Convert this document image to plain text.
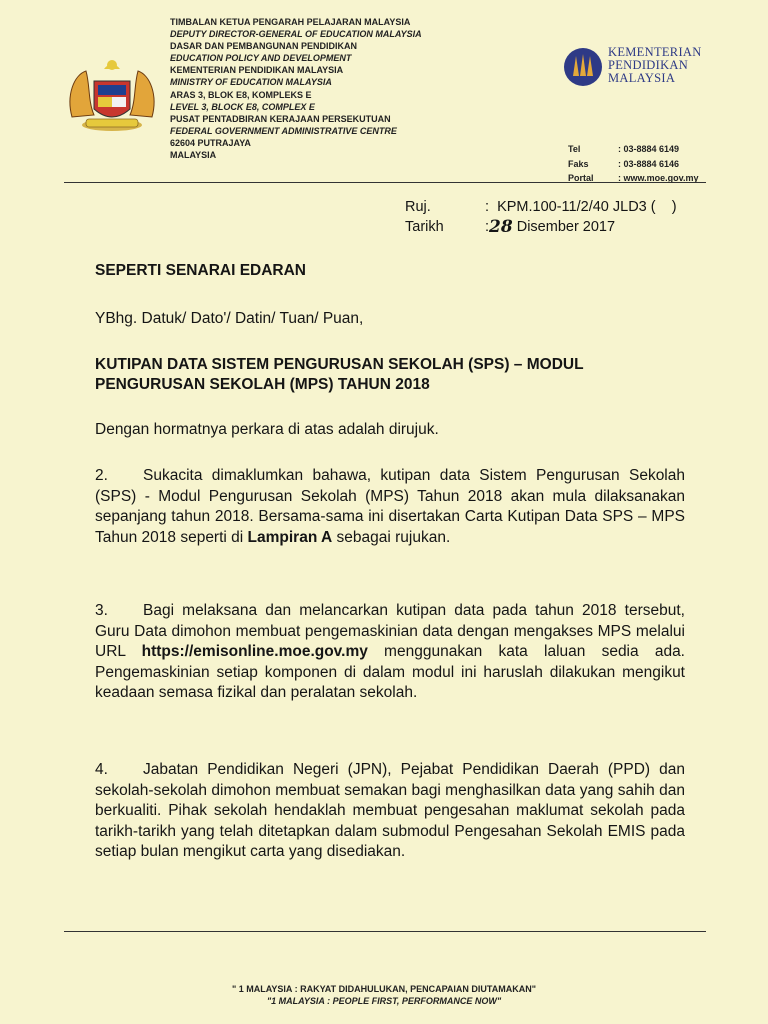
TIMBALAN KETUA PENGARAH PELAJARAN MALAYSIA
DEPUTY DIRECTOR-GENERAL OF EDUCATION MALAYSIA
DASAR DAN PEMBANGUNAN PENDIDIKAN
EDUCATION POLICY AND DEVELOPMENT
KEMENTERIAN PENDIDIKAN MALAYSIA
MINISTRY OF EDUCATION MALAYSIA
ARAS 3, BLOK E8, KOMPLEKS E
LEVEL 3, BLOCK E8, COMPLEX E
PUSAT PENTADBIRAN KERAJAAN PERSEKUTUAN
FEDERAL GOVERNMENT ADMINISTRATIVE CENTRE
62604 PUTRAJAYA
MALAYSIA
KEMENTERIAN
PENDIDIKAN
MALAYSIA
Tel	: 03-8884 6149
Faks	: 03-8884 6146
Portal	: www.moe.gov.my
Ruj.	:  KPM.100-11/2/40 JLD3 (    )
Tarikh	: 28 Disember 2017
SEPERTI SENARAI EDARAN
YBhg. Datuk/ Dato'/ Datin/ Tuan/ Puan,
KUTIPAN DATA SISTEM PENGURUSAN SEKOLAH (SPS) – MODUL PENGURUSAN SEKOLAH (MPS) TAHUN 2018
Dengan hormatnya perkara di atas adalah dirujuk.
2. Sukacita dimaklumkan bahawa, kutipan data Sistem Pengurusan Sekolah (SPS) - Modul Pengurusan Sekolah (MPS) Tahun 2018 akan mula dilaksanakan sepanjang tahun 2018. Bersama-sama ini disertakan Carta Kutipan Data SPS – MPS Tahun 2018 seperti di Lampiran A sebagai rujukan.
3. Bagi melaksana dan melancarkan kutipan data pada tahun 2018 tersebut, Guru Data dimohon membuat pengemaskinian data dengan mengakses MPS melalui URL https://emisonline.moe.gov.my menggunakan kata laluan sedia ada. Pengemaskinian setiap komponen di dalam modul ini haruslah dilakukan mengikut keadaan semasa fizikal dan peralatan sekolah.
4. Jabatan Pendidikan Negeri (JPN), Pejabat Pendidikan Daerah (PPD) dan sekolah-sekolah dimohon membuat semakan bagi menghasilkan data yang sahih dan berkualiti. Pihak sekolah hendaklah membuat pengesahan maklumat sekolah pada tarikh-tarikh yang telah ditetapkan dalam submodul Pengesahan Sekolah EMIS pada setiap bulan mengikut carta yang disediakan.
" 1 MALAYSIA : RAKYAT DIDAHULUKAN, PENCAPAIAN DIUTAMAKAN"
"1 MALAYSIA : PEOPLE FIRST, PERFORMANCE NOW"
